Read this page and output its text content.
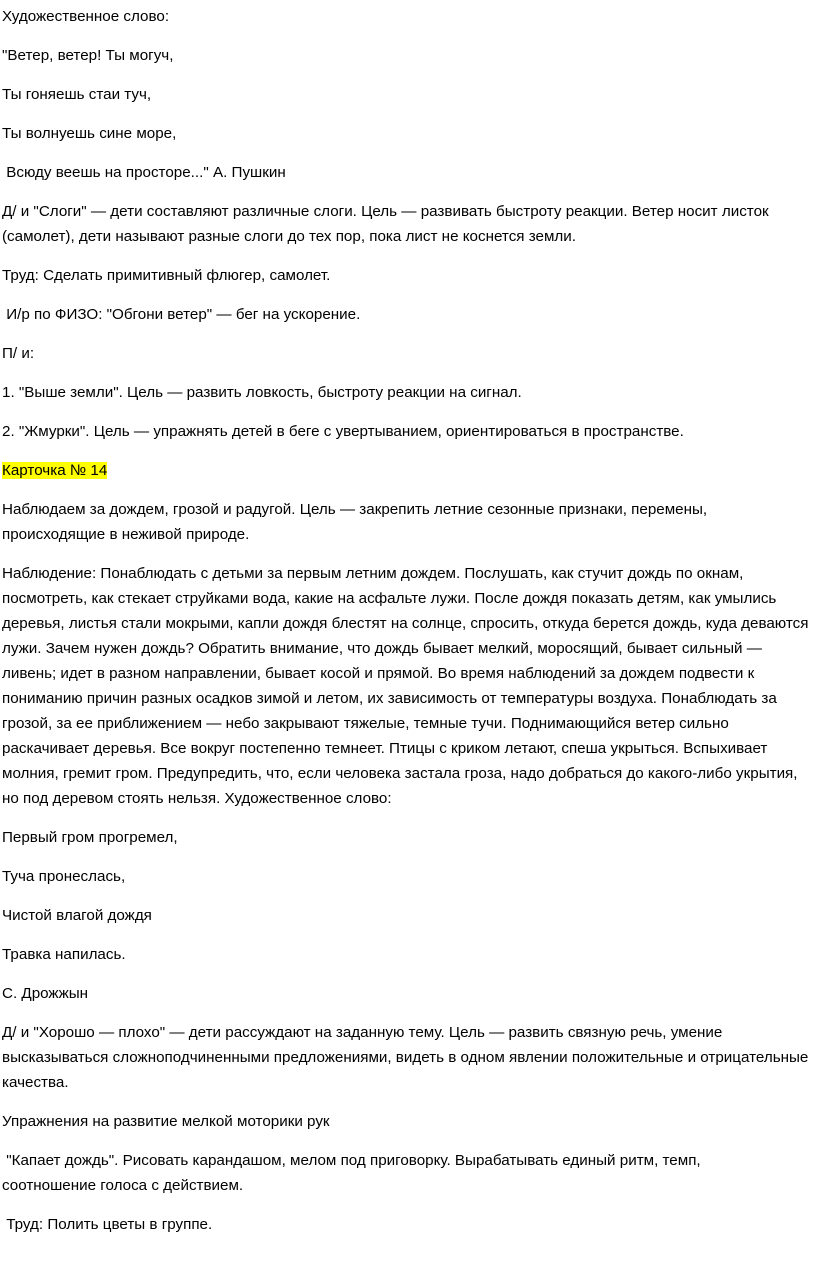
Художественное слово:

"Ветер, ветер! Ты могуч,

Ты гоняешь стаи туч,

Ты волнуешь сине море,

Всюду веешь на просторе..." А. Пушкин

Д/ и "Слоги" — дети составляют различные слоги. Цель — развивать быстроту реакции. Ветер носит листок (самолет), дети называют разные слоги до тех пор, пока лист не коснется земли.

Труд: Сделать примитивный флюгер, самолет.

И/р по ФИЗО: "Обгони ветер" — бег на ускорение.

П/ и:

1. "Выше земли". Цель — развить ловкость, быстроту реакции на сигнал.

2. "Жмурки". Цель — упражнять детей в беге с увертыванием, ориентироваться в пространстве.

Карточка № 14

Наблюдаем за дождем, грозой и радугой. Цель — закрепить летние сезонные признаки, перемены, происходящие в неживой природе.

Наблюдение: Понаблюдать с детьми за первым летним дождем. Послушать, как стучит дождь по окнам, посмотреть, как стекает струйками вода, какие на асфальте лужи. После дождя показать детям, как умылись деревья, листья стали мокрыми, капли дождя блестят на солнце, спросить, откуда берется дождь, куда деваются лужи. Зачем нужен дождь? Обратить внимание, что дождь бывает мелкий, моросящий, бывает сильный — ливень; идет в разном направлении, бывает косой и прямой. Во время наблюдений за дождем подвести к пониманию причин разных осадков зимой и летом, их зависимость от температуры воздуха. Понаблюдать за грозой, за ее приближением — небо закрывают тяжелые, темные тучи. Поднимающийся ветер сильно раскачивает деревья. Все вокруг постепенно темнеет. Птицы с криком летают, спеша укрыться. Вспыхивает молния, гремит гром. Предупредить, что, если человека застала гроза, надо добраться до какого-либо укрытия, но под деревом стоять нельзя. Художественное слово:

Первый гром прогремел,

Туча пронеслась,

Чистой влагой дождя

Травка напилась.

С. Дрожжын

Д/ и "Хорошо — плохо" — дети рассуждают на заданную тему. Цель — развить связную речь, умение высказываться сложноподчиненными предложениями, видеть в одном явлении положительные и отрицательные качества.

Упражнения на развитие мелкой моторики рук

"Капает дождь". Рисовать карандашом, мелом под приговорку. Вырабатывать единый ритм, темп,      соотношение голоса с действием.

Труд: Полить цветы в группе.
